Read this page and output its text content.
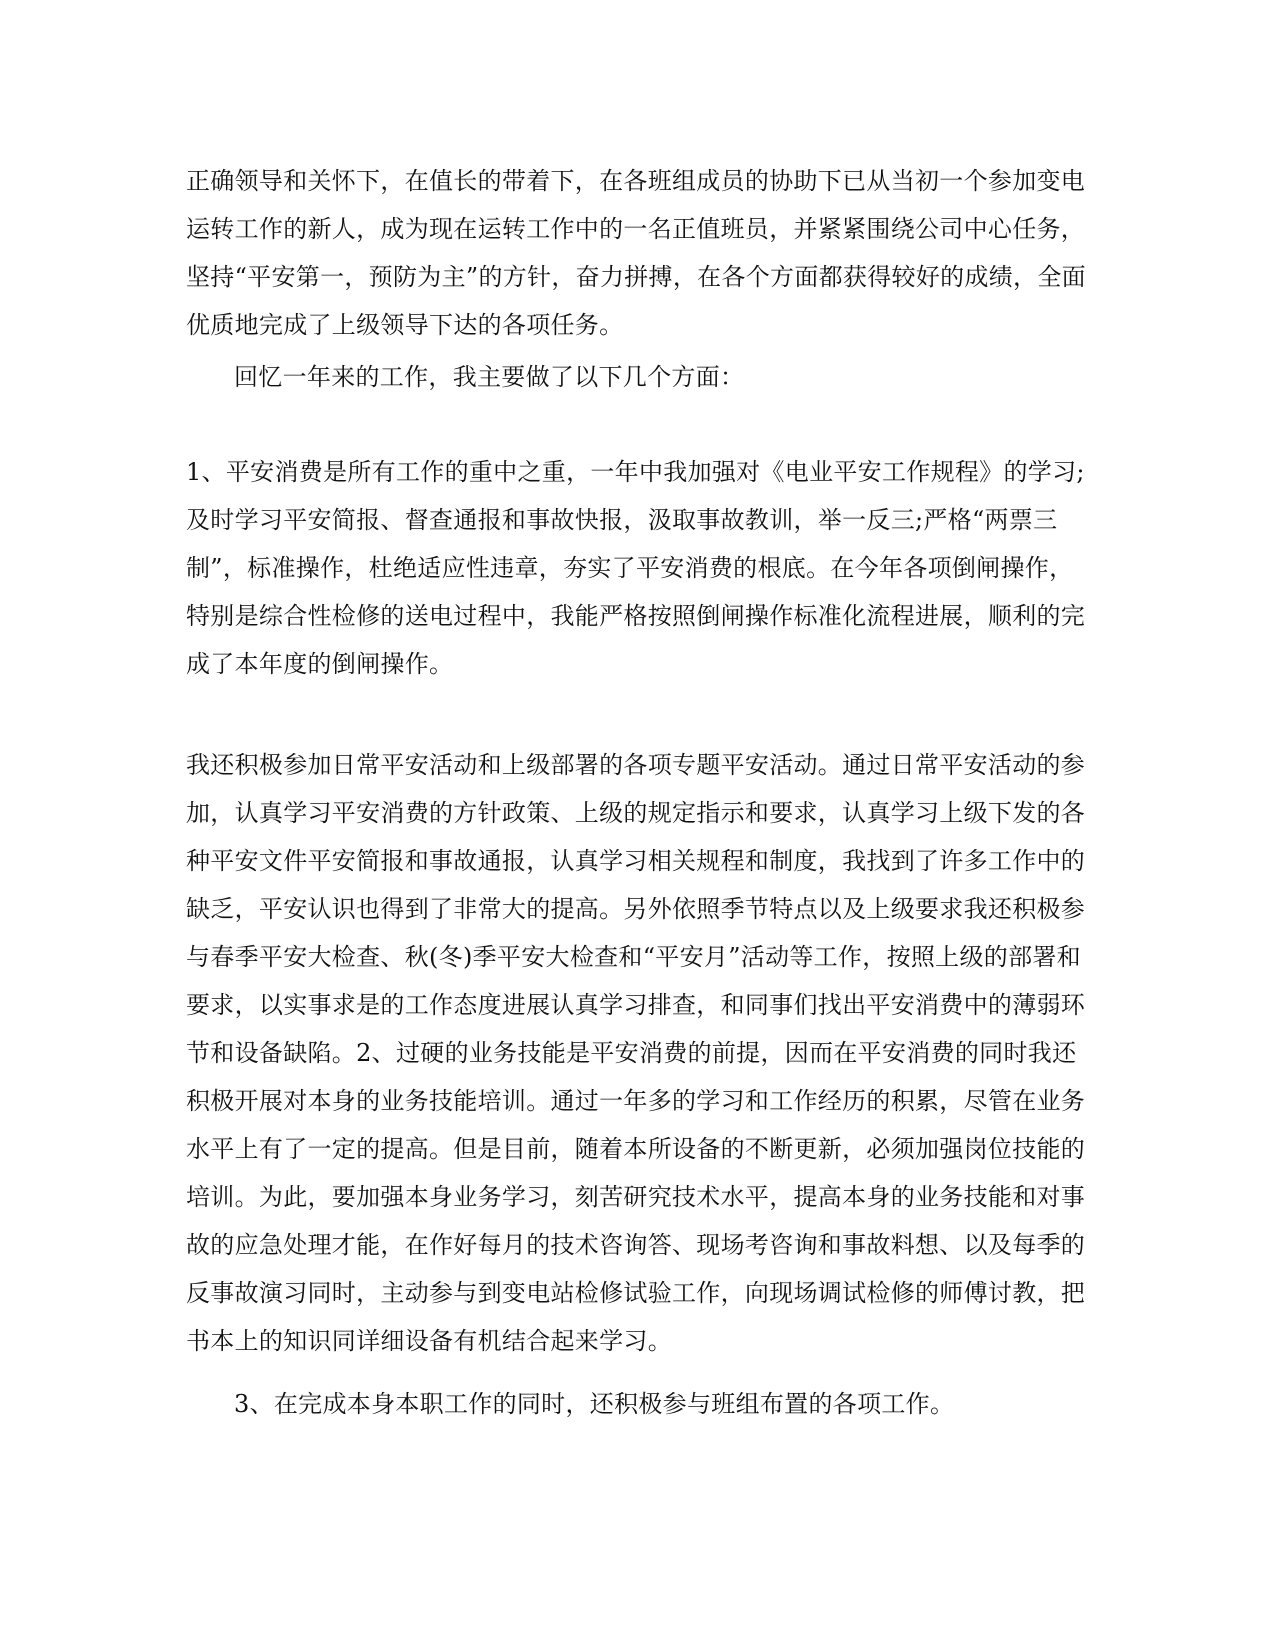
正确领导和关怀下，在值长的带着下，在各班组成员的协助下已从当初一个参加变电运转工作的新人，成为现在运转工作中的一名正值班员，并紧紧围绕公司中心任务，坚持“平安第一，预防为主”的方针，奋力拼搏，在各个方面都获得较好的成绩，全面优质地完成了上级领导下达的各项任务。
回忆一年来的工作，我主要做了以下几个方面：
1、平安消费是所有工作的重中之重，一年中我加强对《电业平安工作规程》的学习;及时学习平安简报、督查通报和事故快报，汲取事故教训，举一反三;严格“两票三制”，标准操作，杜绝适应性违章，夯实了平安消费的根底。在今年各项倒闸操作，特别是综合性检修的送电过程中，我能严格按照倒闸操作标准化流程进展，顺利的完成了本年度的倒闸操作。
我还积极参加日常平安活动和上级部署的各项专题平安活动。通过日常平安活动的参加，认真学习平安消费的方针政策、上级的规定指示和要求，认真学习上级下发的各种平安文件平安简报和事故通报，认真学习相关规程和制度，我找到了许多工作中的缺乏，平安认识也得到了非常大的提高。另外依照季节特点以及上级要求我还积极参与春季平安大检查、秋(冬)季平安大检查和“平安月”活动等工作，按照上级的部署和要求，以实事求是的工作态度进展认真学习排查，和同事们找出平安消费中的薄弱环节和设备缺陷。2、过硬的业务技能是平安消费的前提，因而在平安消费的同时我还积极开展对本身的业务技能培训。通过一年多的学习和工作经历的积累，尽管在业务水平上有了一定的提高。但是目前，随着本所设备的不断更新，必须加强岗位技能的培训。为此，要加强本身业务学习，刻苦研究技术水平，提高本身的业务技能和对事故的应急处理才能，在作好每月的技术咨询答、现场考咨询和事故料想、以及每季的反事故演习同时，主动参与到变电站检修试验工作，向现场调试检修的师傅讨教，把书本上的知识同详细设备有机结合起来学习。
3、在完成本身本职工作的同时，还积极参与班组布置的各项工作。
